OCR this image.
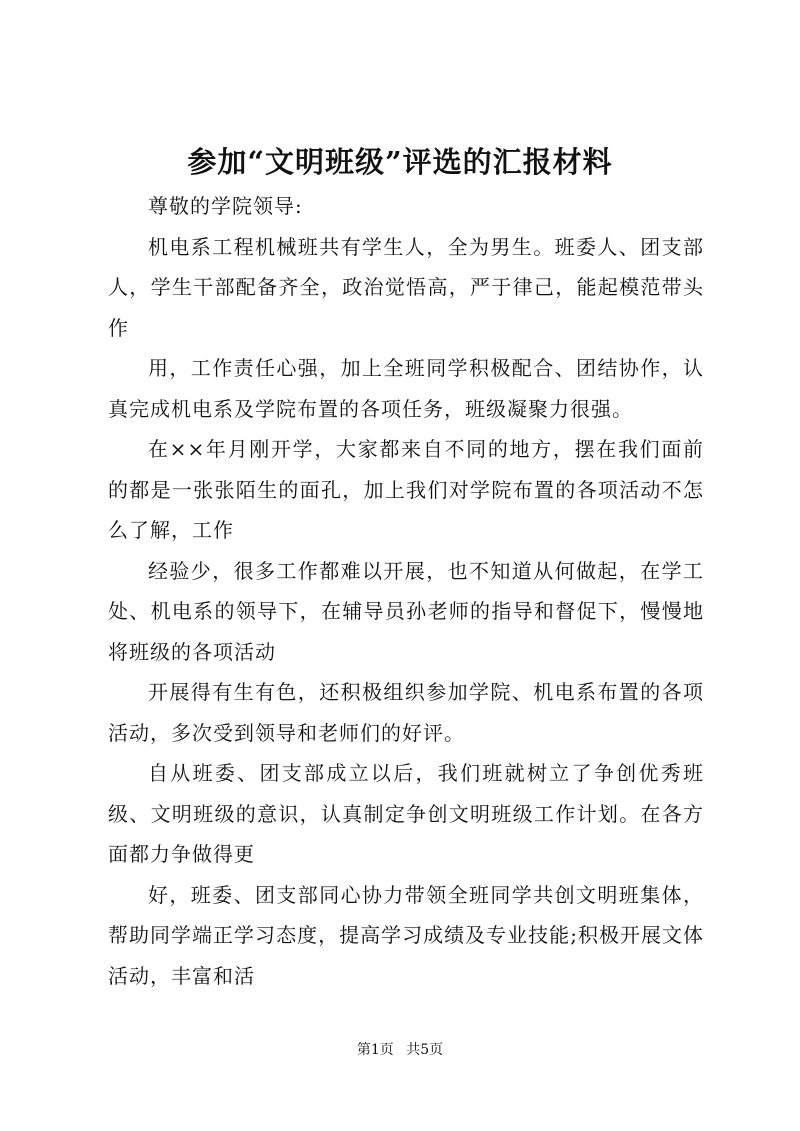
参加“文明班级”评选的汇报材料

尊敬的学院领导:

机电系工程机械班共有学生人，全为男生。班委人、团支部人，学生干部配备齐全，政治觉悟高，严于律己，能起模范带头作

用，工作责任心强，加上全班同学积极配合、团结协作，认真完成机电系及学院布置的各项任务，班级凝聚力很强。

在××年月刚开学，大家都来自不同的地方，摆在我们面前的都是一张张陌生的面孔，加上我们对学院布置的各项活动不怎么了解，工作

经验少，很多工作都难以开展，也不知道从何做起，在学工处、机电系的领导下，在辅导员孙老师的指导和督促下，慢慢地将班级的各项活动

开展得有生有色，还积极组织参加学院、机电系布置的各项活动，多次受到领导和老师们的好评。

自从班委、团支部成立以后，我们班就树立了争创优秀班级、文明班级的意识，认真制定争创文明班级工作计划。在各方面都力争做得更

好，班委、团支部同心协力带领全班同学共创文明班集体，帮助同学端正学习态度，提高学习成绩及专业技能;积极开展文体活动，丰富和活

第1页 共5页
